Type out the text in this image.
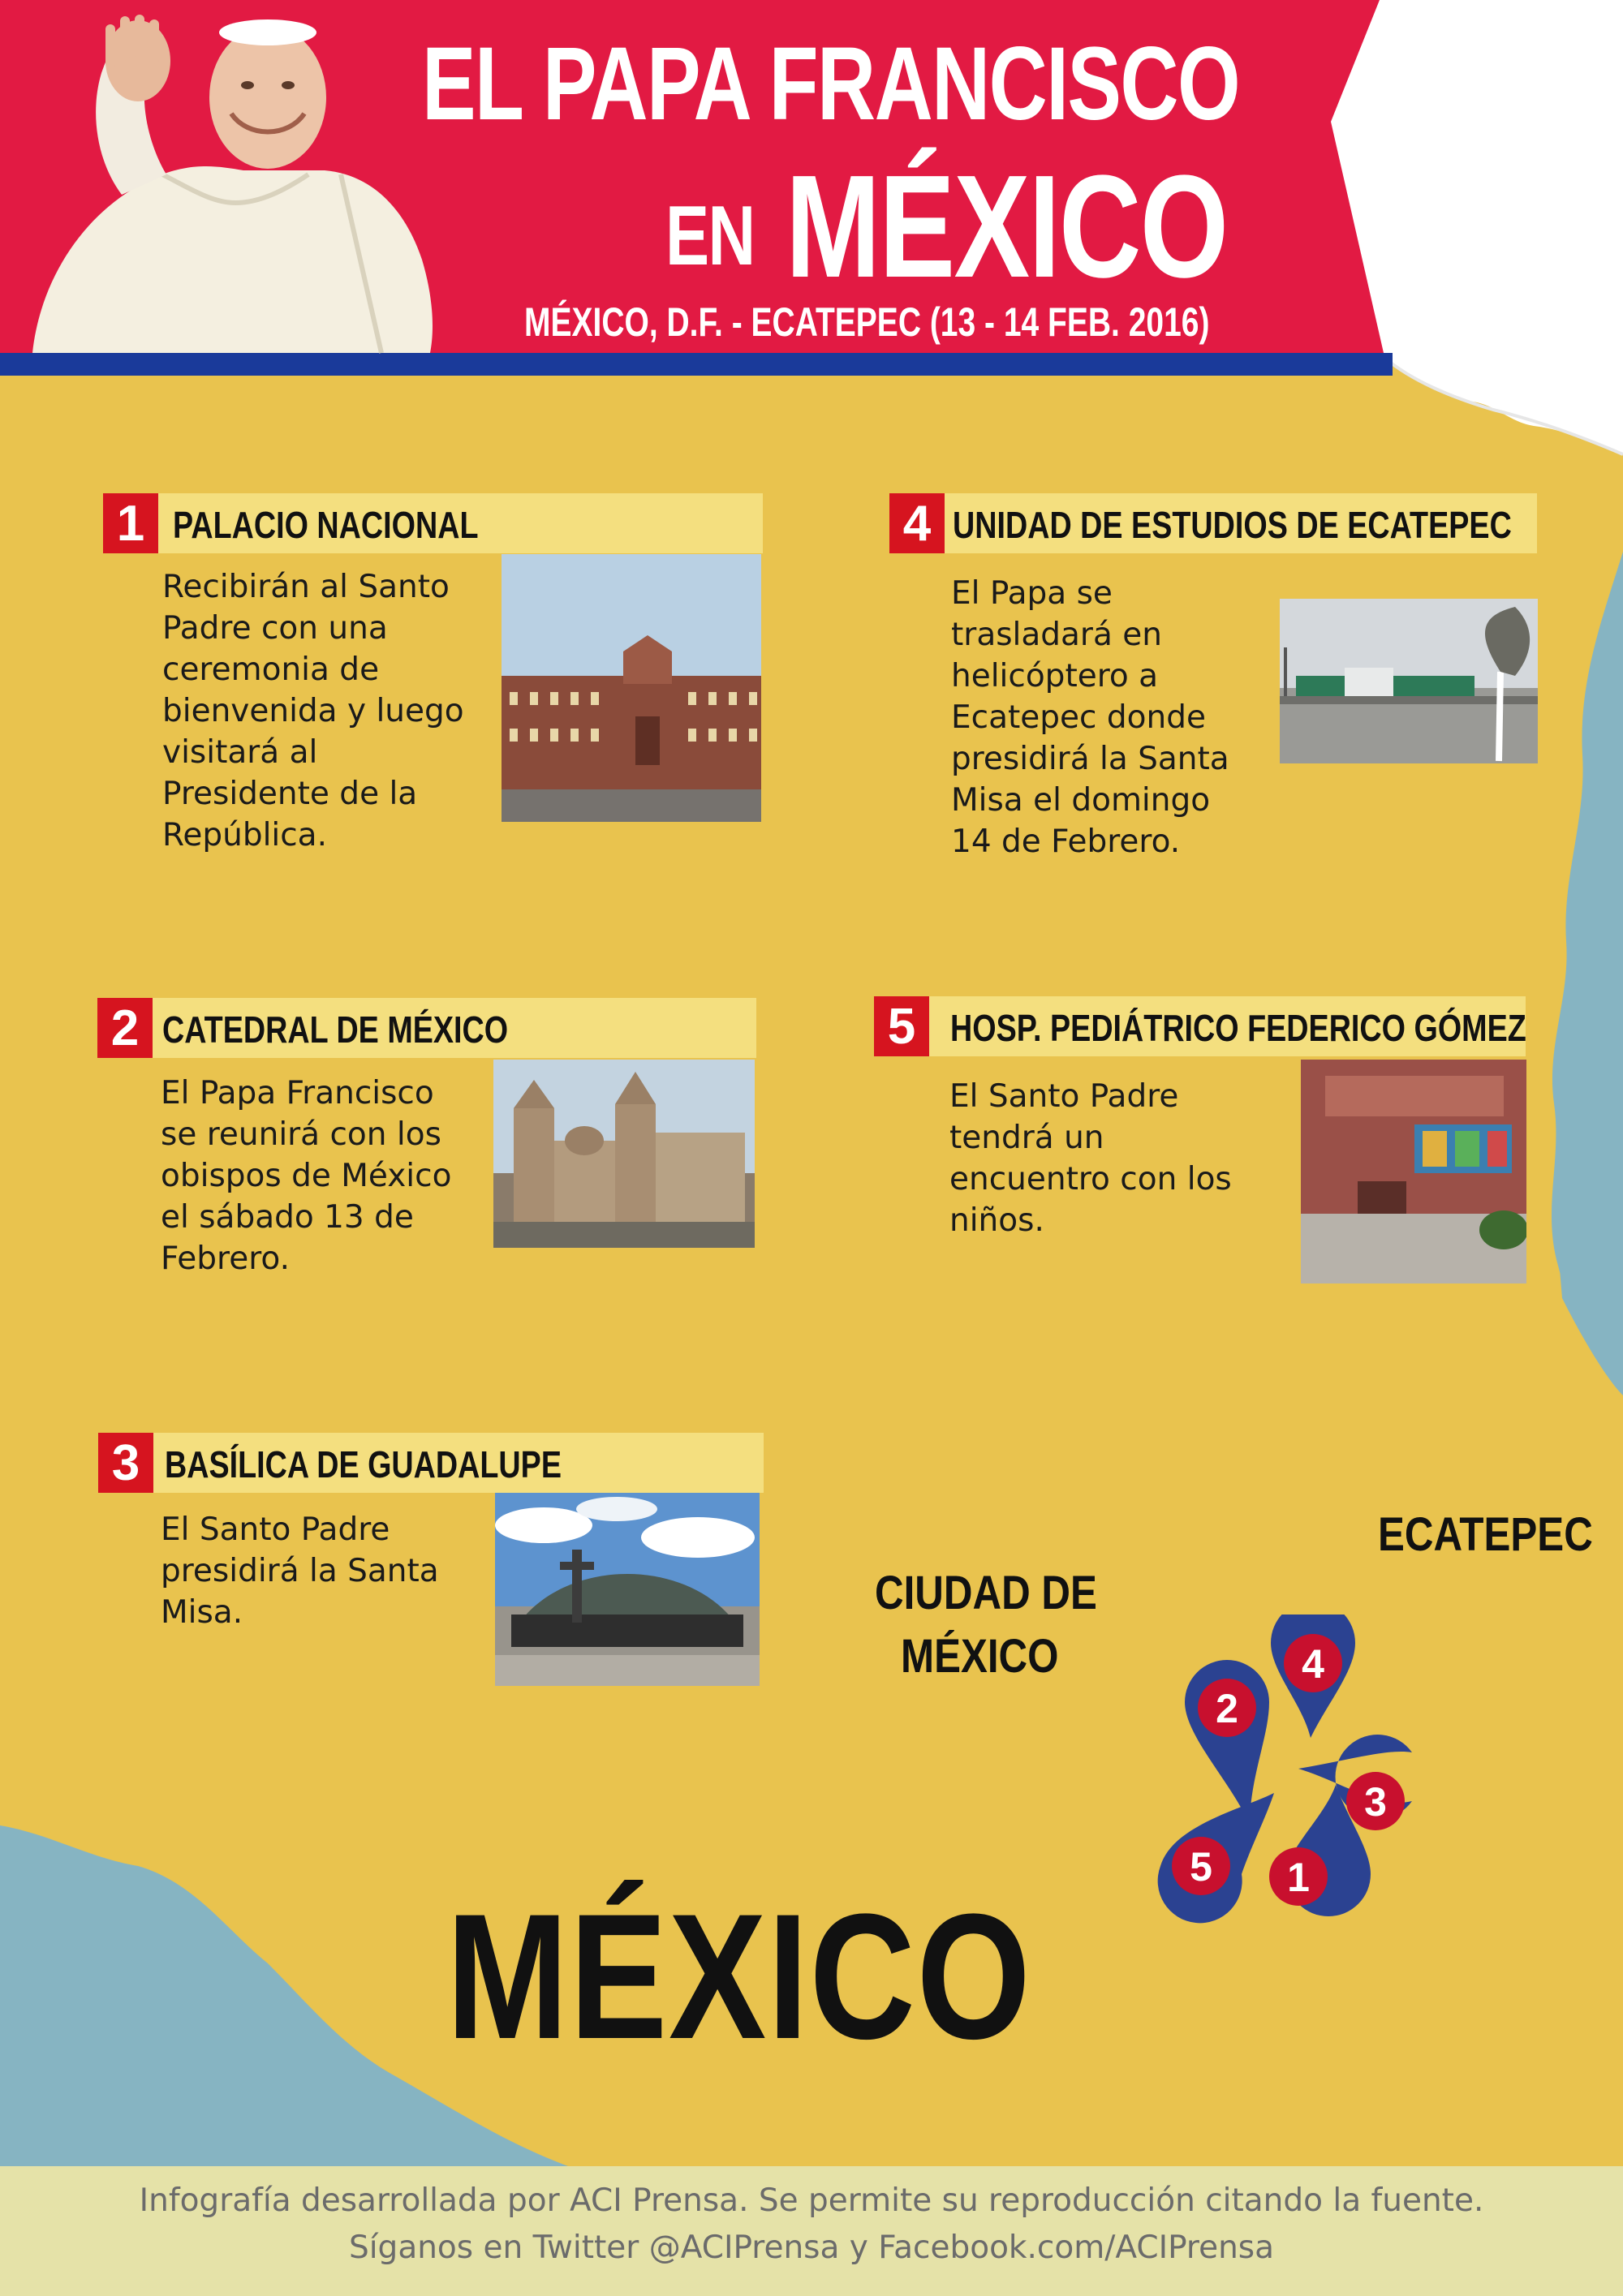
EL PAPA FRANCISCO
EN MÉXICO
MÉXICO, D.F. - ECATEPEC (13 - 14 FEB. 2016)
1 PALACIO NACIONAL
Recibirán al Santo
Padre con una
ceremonia de
bienvenida y luego
visitará al
Presidente de la
República.
2 CATEDRAL DE MÉXICO
El Papa Francisco
se reunirá con los
obispos de México
el sábado 13 de
Febrero.
3 BASÍLICA DE GUADALUPE
El Santo Padre
presidirá la Santa
Misa.
4 UNIDAD DE ESTUDIOS DE ECATEPEC
El Papa se
trasladará en
helicóptero a
Ecatepec donde
presidirá la Santa
Misa el domingo
14 de Febrero.
5 HOSP. PEDIÁTRICO FEDERICO GÓMEZ
El Santo Padre
tendrá un
encuentro con los
niños.
ECATEPEC
CIUDAD DE
MÉXICO
MÉXICO
4
2
3
5 1
Infografía desarrollada por ACI Prensa. Se permite su reproducción citando la fuente.
Síganos en Twitter @ACIPrensa y Facebook.com/ACIPrensa
